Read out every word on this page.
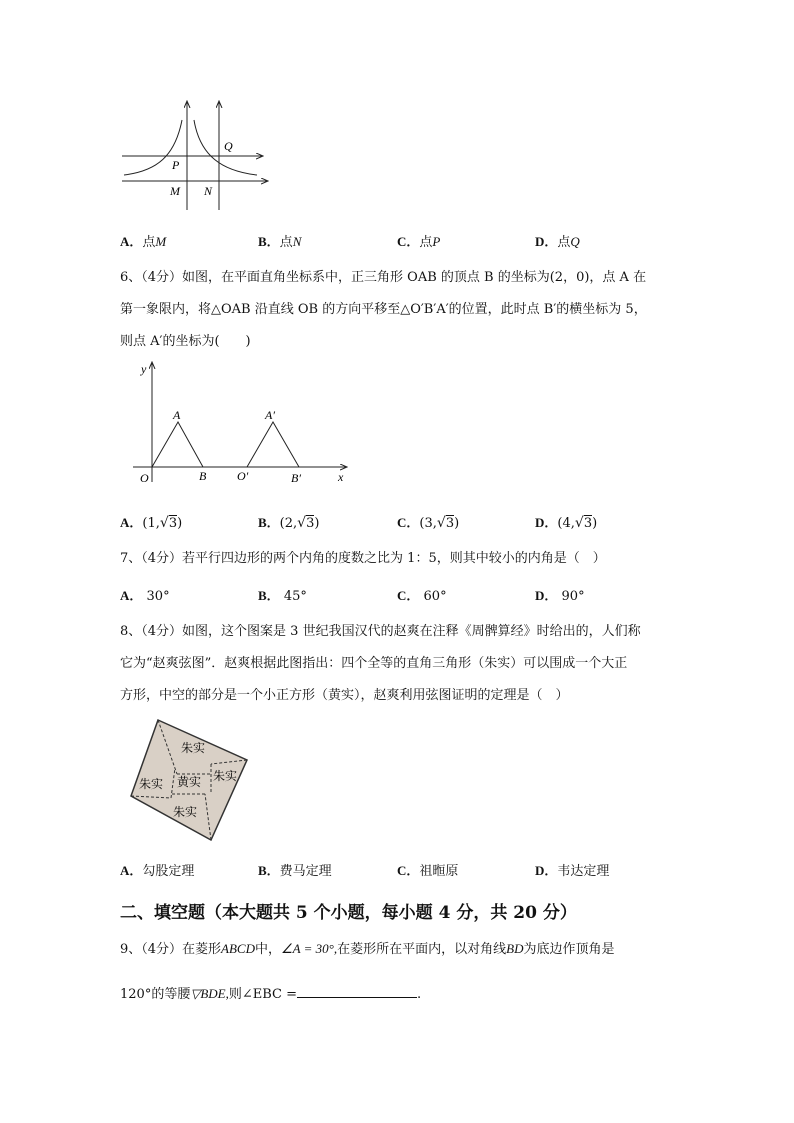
P
Q
M N
A．点M	B．点N	C．点P	D．点Q
6、（4分）如图，在平面直角坐标系中，正三角形 OAB 的顶点 B 的坐标为(2，0)，点 A 在
第一象限内，将△OAB 沿直线 OB 的方向平移至△O′B′A′的位置，此时点 B′的横坐标为 5，
则点 A′的坐标为(　　)
y
x
O
A
B	O′
A′
B′
A．(1,√3)	B．(2,√3)	C．(3,√3)	D．(4,√3)
7、（4分）若平行四边形的两个内角的度数之比为 1：5，则其中较小的内角是（　）
A． 30°	B． 45°	C． 60°	D． 90°
8、（4分）如图，这个图案是 3 世纪我国汉代的赵爽在注释《周髀算经》时给出的，人们称
它为“赵爽弦图”．赵爽根据此图指出：四个全等的直角三角形（朱实）可以围成一个大正
方形，中空的部分是一个小正方形（黄实），赵爽利用弦图证明的定理是（　）
朱实
朱实
朱实
朱实
黄实
A．勾股定理	B．费马定理	C．祖暅原	D．韦达定理
二、填空题（本大题共 5 个小题，每小题 4 分，共 20 分）
9、（4分）在菱形ABCD中，∠A = 30°,在菱形所在平面内，以对角线BD为底边作顶角是
120°的等腰▽BDE,则∠EBC =	.
